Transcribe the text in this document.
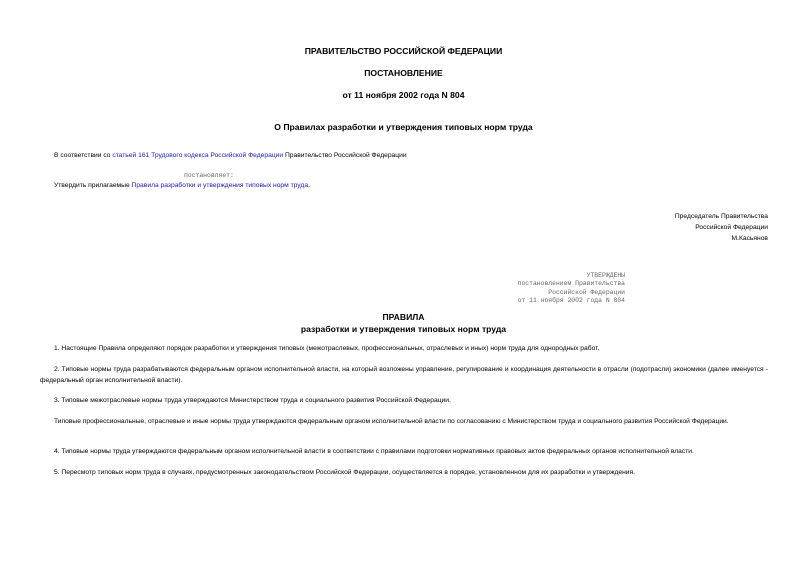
ПРАВИТЕЛЬСТВО РОССИЙСКОЙ ФЕДЕРАЦИИ
ПОСТАНОВЛЕНИЕ
от 11 ноября 2002 года N 804
О Правилах разработки и утверждения типовых норм труда
В соответствии со статьей 161 Трудового кодекса Российской Федерации Правительство Российской Федерации
постановляет:
Утвердить прилагаемые Правила разработки и утверждения типовых норм труда.
Председатель Правительства
Российской Федерации
М.Касьянов
УТВЕРЖДЕНЫ
постановлением Правительства
Российской Федерации
от 11 ноября 2002 года N 804
ПРАВИЛА
разработки и утверждения типовых норм труда
1. Настоящие Правила определяют порядок разработки и утверждения типовых (межотраслевых, профессиональных, отраслевых и иных) норм труда для однородных работ.
2. Типовые нормы труда разрабатываются федеральным органом исполнительной власти, на который возложены управление, регулирование и координация деятельности в отрасли (подотрасли) экономики (далее именуется - федеральный орган исполнительной власти).
3. Типовые межотраслевые нормы труда утверждаются Министерством труда и социального развития Российской Федерации.
Типовые профессиональные, отраслевые и иные нормы труда утверждаются федеральным органом исполнительной власти по согласованию с Министерством труда и социального развития Российской Федерации.
4. Типовые нормы труда утверждаются федеральным органом исполнительной власти в соответствии с правилами подготовки нормативных правовых актов федеральных органов исполнительной власти.
5. Пересмотр типовых норм труда в случаях, предусмотренных законодательством Российской Федерации, осуществляется в порядке, установленном для их разработки и утверждения.
